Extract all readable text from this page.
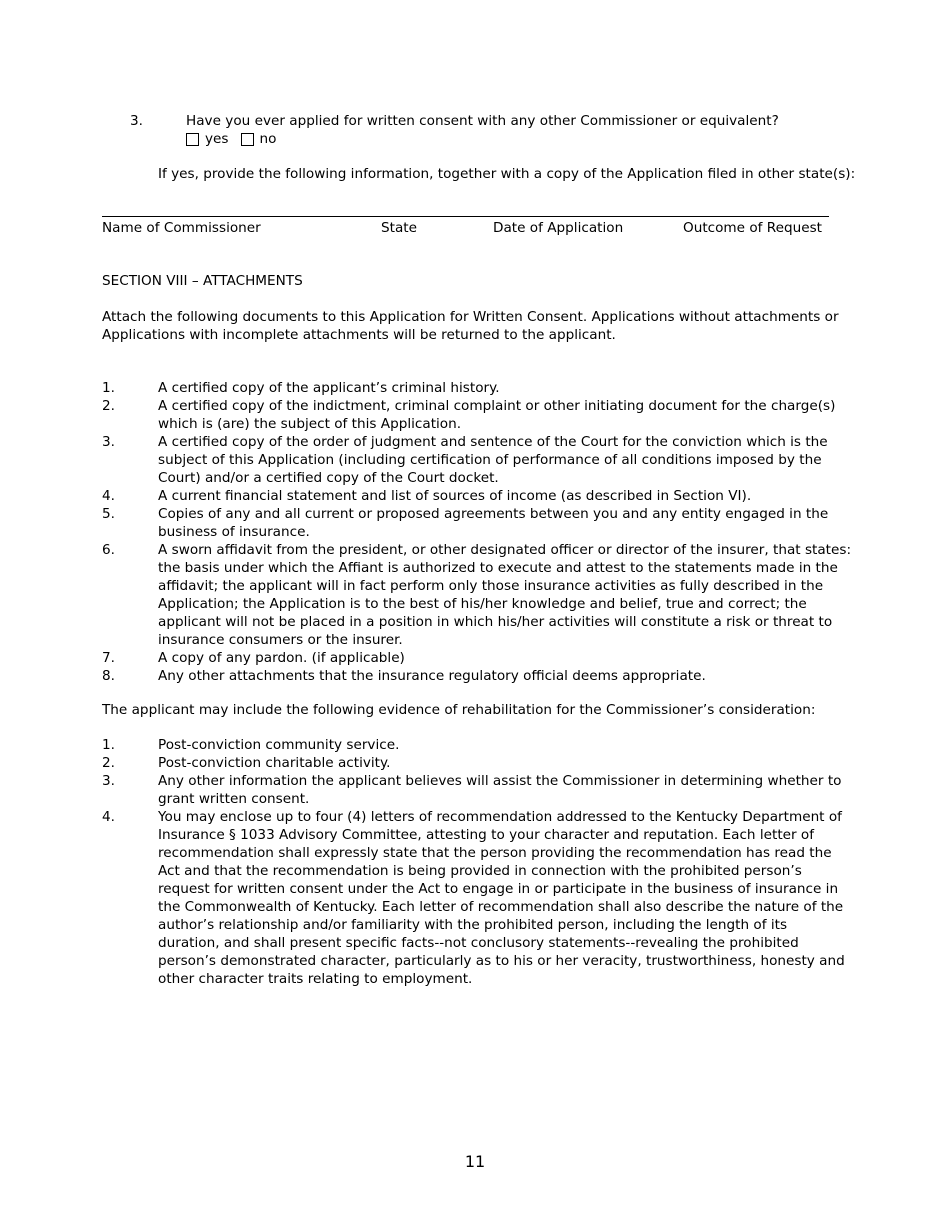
3.	Have you ever applied for written consent with any other Commissioner or equivalent?
yes no
If yes, provide the following information, together with a copy of the Application filed in other state(s):
Name of Commissioner	State	Date of Application	Outcome of Request
SECTION VIII – ATTACHMENTS
Attach the following documents to this Application for Written Consent. Applications without attachments or Applications with incomplete attachments will be returned to the applicant.
1.	A certified copy of the applicant’s criminal history.
2.	A certified copy of the indictment, criminal complaint or other initiating document for the charge(s) which is (are) the subject of this Application.
3.	A certified copy of the order of judgment and sentence of the Court for the conviction which is the subject of this Application (including certification of performance of all conditions imposed by the Court) and/or a certified copy of the Court docket.
4.	A current financial statement and list of sources of income (as described in Section VI).
5.	Copies of any and all current or proposed agreements between you and any entity engaged in the business of insurance.
6.	A sworn affidavit from the president, or other designated officer or director of the insurer, that states: the basis under which the Affiant is authorized to execute and attest to the statements made in the affidavit; the applicant will in fact perform only those insurance activities as fully described in the Application; the Application is to the best of his/her knowledge and belief, true and correct; the applicant will not be placed in a position in which his/her activities will constitute a risk or threat to insurance consumers or the insurer.
7.	A copy of any pardon. (if applicable)
8.	Any other attachments that the insurance regulatory official deems appropriate.
The applicant may include the following evidence of rehabilitation for the Commissioner’s consideration:
1.	Post-conviction community service.
2.	Post-conviction charitable activity.
3.	Any other information the applicant believes will assist the Commissioner in determining whether to grant written consent.
4.	You may enclose up to four (4) letters of recommendation addressed to the Kentucky Department of Insurance § 1033 Advisory Committee, attesting to your character and reputation. Each letter of recommendation shall expressly state that the person providing the recommendation has read the Act and that the recommendation is being provided in connection with the prohibited person’s request for written consent under the Act to engage in or participate in the business of insurance in the Commonwealth of Kentucky. Each letter of recommendation shall also describe the nature of the author’s relationship and/or familiarity with the prohibited person, including the length of its duration, and shall present specific facts--not conclusory statements--revealing the prohibited person’s demonstrated character, particularly as to his or her veracity, trustworthiness, honesty and other character traits relating to employment.
11
